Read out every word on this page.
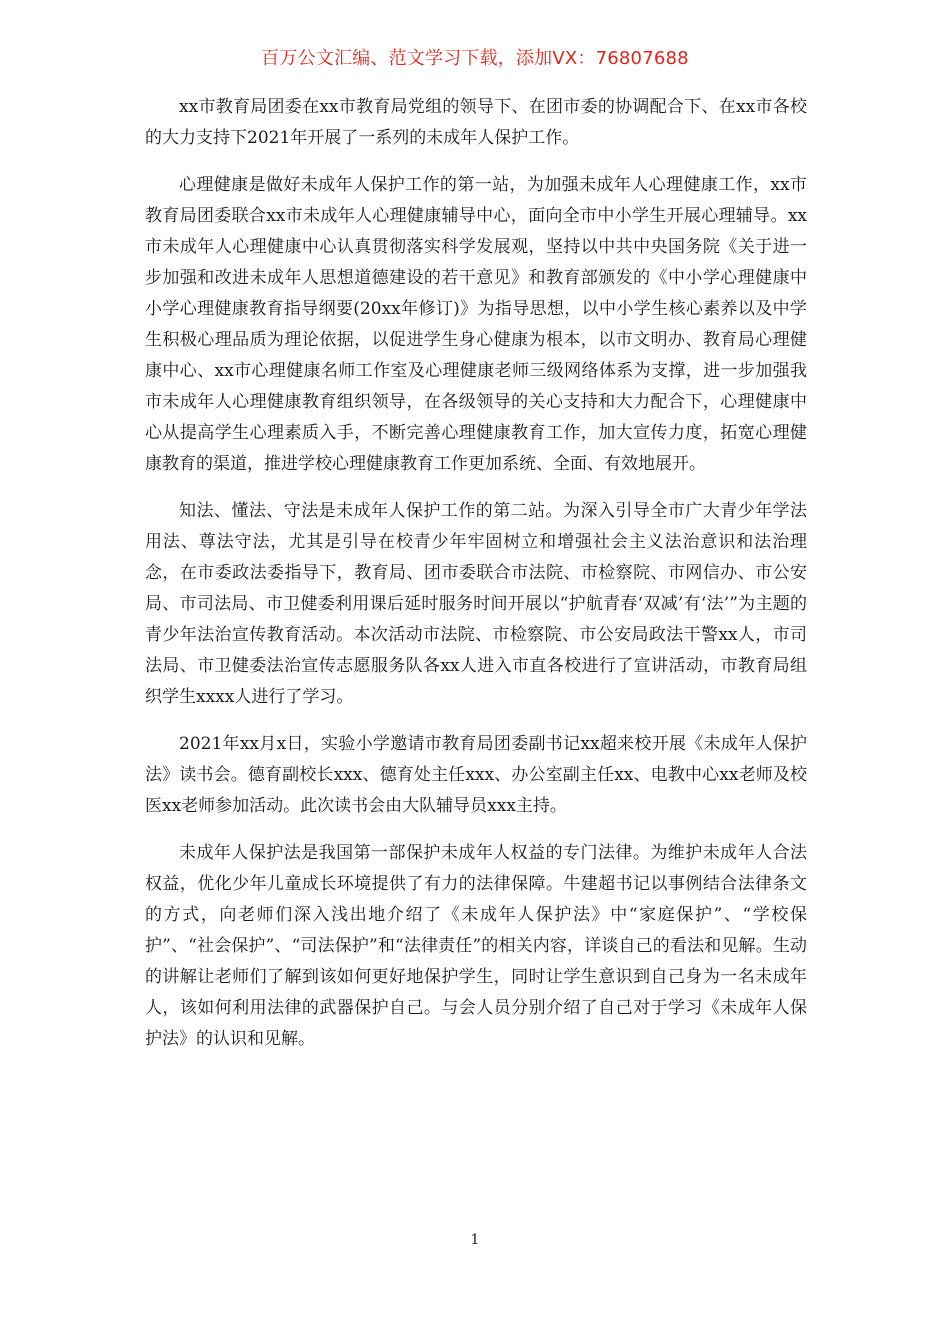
百万公文汇编、范文学习下载，添加VX：76807688

xx市教育局团委在xx市教育局党组的领导下、在团市委的协调配合下、在xx市各校的大力支持下2021年开展了一系列的未成年人保护工作。

心理健康是做好未成年人保护工作的第一站，为加强未成年人心理健康工作，xx市教育局团委联合xx市未成年人心理健康辅导中心，面向全市中小学生开展心理辅导。xx市未成年人心理健康中心认真贯彻落实科学发展观，坚持以中共中央国务院《关于进一步加强和改进未成年人思想道德建设的若干意见》和教育部颁发的《中小学心理健康中小学心理健康教育指导纲要(20xx年修订)》为指导思想，以中小学生核心素养以及中学生积极心理品质为理论依据，以促进学生身心健康为根本，以市文明办、教育局心理健康中心、xx市心理健康名师工作室及心理健康老师三级网络体系为支撑，进一步加强我市未成年人心理健康教育组织领导，在各级领导的关心支持和大力配合下，心理健康中心从提高学生心理素质入手，不断完善心理健康教育工作，加大宣传力度，拓宽心理健康教育的渠道，推进学校心理健康教育工作更加系统、全面、有效地展开。

知法、懂法、守法是未成年人保护工作的第二站。为深入引导全市广大青少年学法用法、尊法守法，尤其是引导在校青少年牢固树立和增强社会主义法治意识和法治理念，在市委政法委指导下，教育局、团市委联合市法院、市检察院、市网信办、市公安局、市司法局、市卫健委利用课后延时服务时间开展以“护航青春‘双减’有‘法’”为主题的青少年法治宣传教育活动。本次活动市法院、市检察院、市公安局政法干警xx人，市司法局、市卫健委法治宣传志愿服务队各xx人进入市直各校进行了宣讲活动，市教育局组织学生xxxx人进行了学习。

2021年xx月x日，实验小学邀请市教育局团委副书记xx超来校开展《未成年人保护法》读书会。德育副校长xxx、德育处主任xxx、办公室副主任xx、电教中心xx老师及校医xx老师参加活动。此次读书会由大队辅导员xxx主持。

未成年人保护法是我国第一部保护未成年人权益的专门法律。为维护未成年人合法权益，优化少年儿童成长环境提供了有力的法律保障。牛建超书记以事例结合法律条文的方式，向老师们深入浅出地介绍了《未成年人保护法》中“家庭保护”、“学校保护”、“社会保护”、“司法保护”和“法律责任”的相关内容，详谈自己的看法和见解。生动的讲解让老师们了解到该如何更好地保护学生，同时让学生意识到自己身为一名未成年人，该如何利用法律的武器保护自己。与会人员分别介绍了自己对于学习《未成年人保护法》的认识和见解。

1
